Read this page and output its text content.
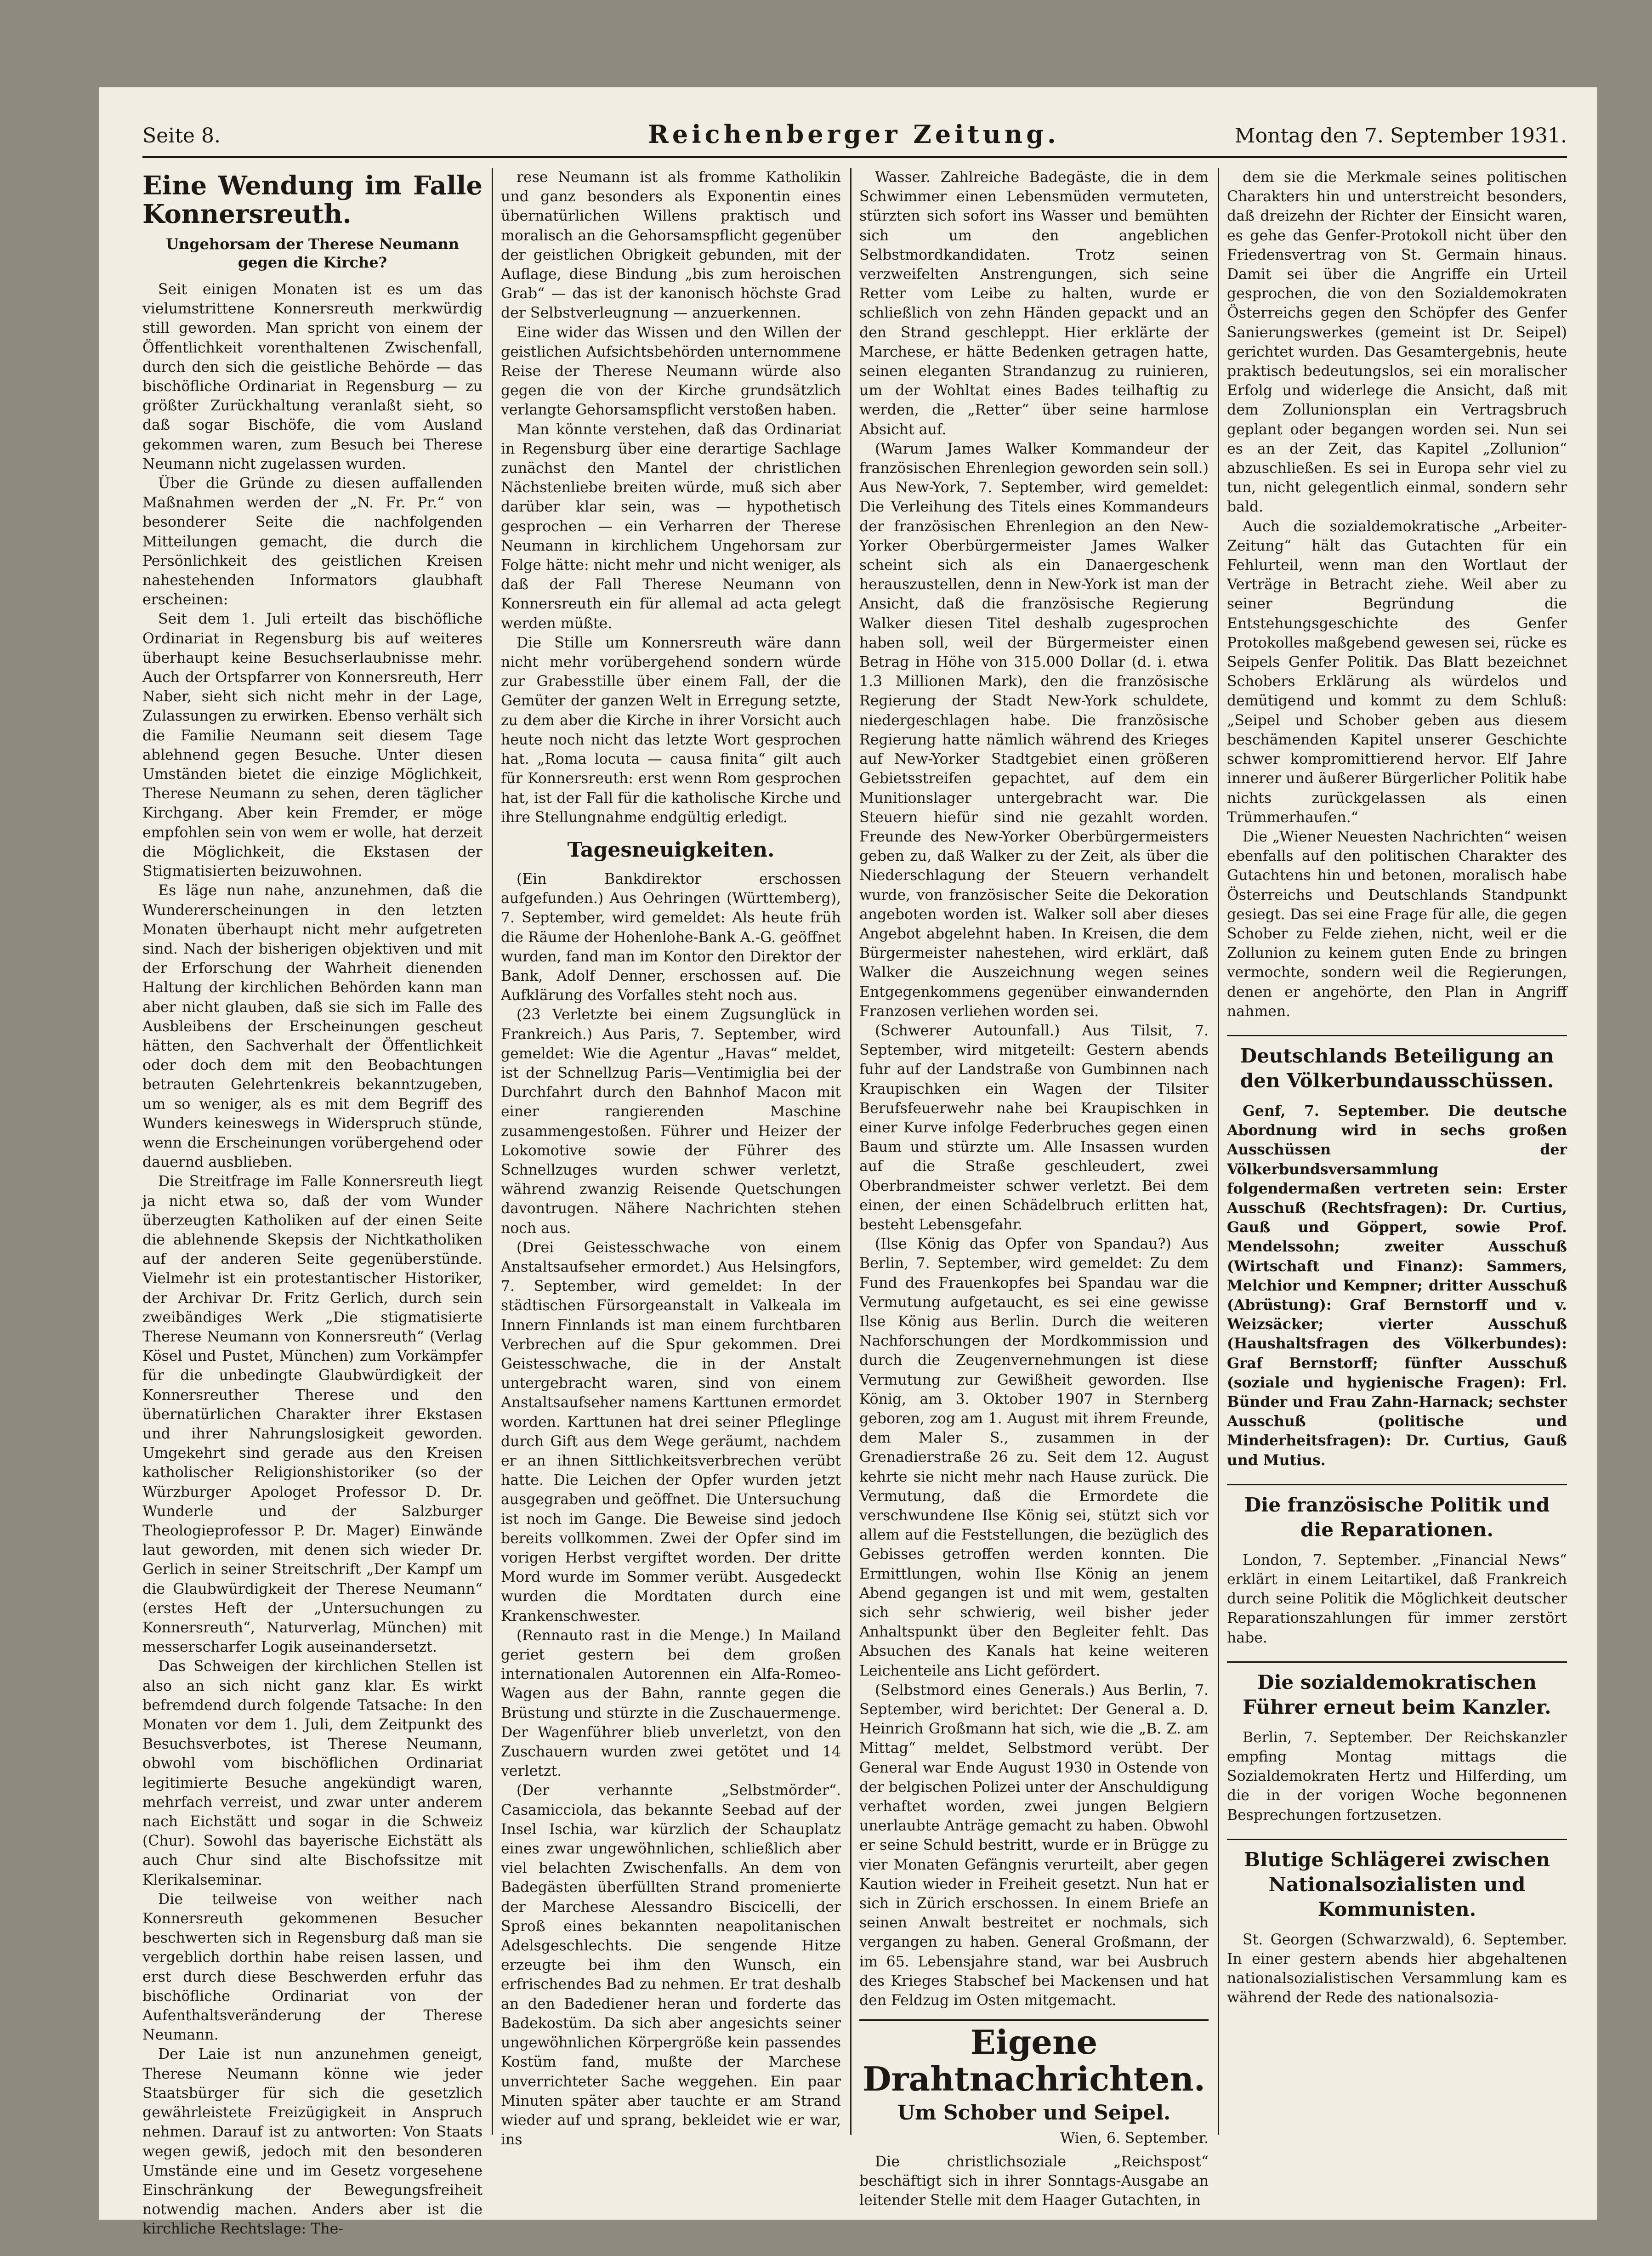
Seite 8.	Reichenberger Zeitung.	Montag den 7. September 1931.
Eine Wendung im Falle Konnersreuth.
Ungehorsam der Therese Neumann gegen die Kirche?

Seit einigen Monaten ist es um das vielumstrittene Konnersreuth merkwürdig still geworden. Man spricht von einem der Öffentlichkeit vorenthaltenen Zwischenfall, durch den sich die geistliche Behörde — das bischöfliche Ordinariat in Regensburg — zu größter Zurückhaltung veranlaßt sieht, so daß sogar Bischöfe, die vom Ausland gekommen waren, zum Besuch bei Therese Neumann nicht zugelassen wurden.

Über die Gründe zu diesen auffallenden Maßnahmen werden der „N. Fr. Pr.“ von besonderer Seite die nachfolgenden Mitteilungen gemacht, die durch die Persönlichkeit des geistlichen Kreisen nahestehenden Informators glaubhaft erscheinen:

Seit dem 1. Juli erteilt das bischöfliche Ordinariat in Regensburg bis auf weiteres überhaupt keine Besuchserlaubnisse mehr. Auch der Ortspfarrer von Konnersreuth, Herr Naber, sieht sich nicht mehr in der Lage, Zulassungen zu erwirken. Ebenso verhält sich die Familie Neumann seit diesem Tage ablehnend gegen Besuche. Unter diesen Umständen bietet die einzige Möglichkeit, Therese Neumann zu sehen, deren täglicher Kirchgang. Aber kein Fremder, er möge empfohlen sein von wem er wolle, hat derzeit die Möglichkeit, die Ekstasen der Stigmatisierten beizuwohnen.

Es läge nun nahe, anzunehmen, daß die Wundererscheinungen in den letzten Monaten überhaupt nicht mehr aufgetreten sind. Nach der bisherigen objektiven und mit der Erforschung der Wahrheit dienenden Haltung der kirchlichen Behörden kann man aber nicht glauben, daß sie sich im Falle des Ausbleibens der Erscheinungen gescheut hätten, den Sachverhalt der Öffentlichkeit oder doch dem mit den Beobachtungen betrauten Gelehrtenkreis bekanntzugeben, um so weniger, als es mit dem Begriff des Wunders keineswegs in Widerspruch stünde, wenn die Erscheinungen vorübergehend oder dauernd ausblieben.

Die Streitfrage im Falle Konnersreuth liegt ja nicht etwa so, daß der vom Wunder überzeugten Katholiken auf der einen Seite die ablehnende Skepsis der Nichtkatholiken auf der anderen Seite gegenüberstünde. Vielmehr ist ein protestantischer Historiker, der Archivar Dr. Fritz Gerlich, durch sein zweibändiges Werk „Die stigmatisierte Therese Neumann von Konnersreuth“ (Verlag Kösel und Pustet, München) zum Vorkämpfer für die unbedingte Glaubwürdigkeit der Konnersreuther Therese und den übernatürlichen Charakter ihrer Ekstasen und ihrer Nahrungslosigkeit geworden. Umgekehrt sind gerade aus den Kreisen katholischer Religionshistoriker (so der Würzburger Apologet Professor D. Dr. Wunderle und der Salzburger Theologieprofessor P. Dr. Mager) Einwände laut geworden, mit denen sich wieder Dr. Gerlich in seiner Streitschrift „Der Kampf um die Glaubwürdigkeit der Therese Neumann“ (erstes Heft der „Untersuchungen zu Konnersreuth“, Naturverlag, München) mit messerscharfer Logik auseinandersetzt.

Das Schweigen der kirchlichen Stellen ist also an sich nicht ganz klar. Es wirkt befremdend durch folgende Tatsache: In den Monaten vor dem 1. Juli, dem Zeitpunkt des Besuchsverbotes, ist Therese Neumann, obwohl vom bischöflichen Ordinariat legitimierte Besuche angekündigt waren, mehrfach verreist, und zwar unter anderem nach Eichstätt und sogar in die Schweiz (Chur). Sowohl das bayerische Eichstätt als auch Chur sind alte Bischofssitze mit Klerikalseminar.

Die teilweise von weither nach Konnersreuth gekommenen Besucher beschwerten sich in Regensburg daß man sie vergeblich dorthin habe reisen lassen, und erst durch diese Beschwerden erfuhr das bischöfliche Ordinariat von der Aufenthaltsveränderung der Therese Neumann.

Der Laie ist nun anzunehmen geneigt, Therese Neumann könne wie jeder Staatsbürger für sich die gesetzlich gewährleistete Freizügigkeit in Anspruch nehmen. Darauf ist zu antworten: Von Staats wegen gewiß, jedoch mit den besonderen Umstände eine und im Gesetz vorgesehene Einschränkung der Bewegungsfreiheit notwendig machen. Anders aber ist die kirchliche Rechtslage: The-

rese Neumann ist als fromme Katholikin und ganz besonders als Exponentin eines übernatürlichen Willens praktisch und moralisch an die Gehorsamspflicht gegenüber der geistlichen Obrigkeit gebunden, mit der Auflage, diese Bindung „bis zum heroischen Grab“ — das ist der kanonisch höchste Grad der Selbstverleugnung — anzuerkennen.

Eine wider das Wissen und den Willen der geistlichen Aufsichtsbehörden unternommene Reise der Therese Neumann würde also gegen die von der Kirche grundsätzlich verlangte Gehorsamspflicht verstoßen haben.

Man könnte verstehen, daß das Ordinariat in Regensburg über eine derartige Sachlage zunächst den Mantel der christlichen Nächstenliebe breiten würde, muß sich aber darüber klar sein, was — hypothetisch gesprochen — ein Verharren der Therese Neumann in kirchlichem Ungehorsam zur Folge hätte: nicht mehr und nicht weniger, als daß der Fall Therese Neumann von Konnersreuth ein für allemal ad acta gelegt werden müßte.

Die Stille um Konnersreuth wäre dann nicht mehr vorübergehend sondern würde zur Grabesstille über einem Fall, der die Gemüter der ganzen Welt in Erregung setzte, zu dem aber die Kirche in ihrer Vorsicht auch heute noch nicht das letzte Wort gesprochen hat. „Roma locuta — causa finita“ gilt auch für Konnersreuth: erst wenn Rom gesprochen hat, ist der Fall für die katholische Kirche und ihre Stellungnahme endgültig erledigt.

Tagesneuigkeiten.

(Ein Bankdirektor erschossen aufgefunden.) Aus Oehringen (Württemberg), 7. September, wird gemeldet: Als heute früh die Räume der Hohenlohe-Bank A.-G. geöffnet wurden, fand man im Kontor den Direktor der Bank, Adolf Denner, erschossen auf. Die Aufklärung des Vorfalles steht noch aus.

(23 Verletzte bei einem Zugsunglück in Frankreich.) Aus Paris, 7. September, wird gemeldet: Wie die Agentur „Havas“ meldet, ist der Schnellzug Paris—Ventimiglia bei der Durchfahrt durch den Bahnhof Macon mit einer rangierenden Maschine zusammengestoßen. Führer und Heizer der Lokomotive sowie der Führer des Schnellzuges wurden schwer verletzt, während zwanzig Reisende Quetschungen davontrugen. Nähere Nachrichten stehen noch aus.

(Drei Geistesschwache von einem Anstaltsaufseher ermordet.) Aus Helsingfors, 7. September, wird gemeldet: In der städtischen Fürsorgeanstalt in Valkeala im Innern Finnlands ist man einem furchtbaren Verbrechen auf die Spur gekommen. Drei Geistesschwache, die in der Anstalt untergebracht waren, sind von einem Anstaltsaufseher namens Karttunen ermordet worden. Karttunen hat drei seiner Pfleglinge durch Gift aus dem Wege geräumt, nachdem er an ihnen Sittlichkeitsverbrechen verübt hatte. Die Leichen der Opfer wurden jetzt ausgegraben und geöffnet. Die Untersuchung ist noch im Gange. Die Beweise sind jedoch bereits vollkommen. Zwei der Opfer sind im vorigen Herbst vergiftet worden. Der dritte Mord wurde im Sommer verübt. Ausgedeckt wurden die Mordtaten durch eine Krankenschwester.

(Rennauto rast in die Menge.) In Mailand geriet gestern bei dem großen internationalen Autorennen ein Alfa-Romeo-Wagen aus der Bahn, rannte gegen die Brüstung und stürzte in die Zuschauermenge. Der Wagenführer blieb unverletzt, von den Zuschauern wurden zwei getötet und 14 verletzt.

(Der verhannte „Selbstmörder“. Casamicciola, das bekannte Seebad auf der Insel Ischia, war kürzlich der Schauplatz eines zwar ungewöhnlichen, schließlich aber viel belachten Zwischenfalls. An dem von Badegästen überfüllten Strand promenierte der Marchese Alessandro Biscicelli, der Sproß eines bekannten neapolitanischen Adelsgeschlechts. Die sengende Hitze erzeugte bei ihm den Wunsch, ein erfrischendes Bad zu nehmen. Er trat deshalb an den Badediener heran und forderte das Badekostüm. Da sich aber angesichts seiner ungewöhnlichen Körpergröße kein passendes Kostüm fand, mußte der Marchese unverrichteter Sache weggehen. Ein paar Minuten später aber tauchte er am Strand wieder auf und sprang, bekleidet wie er war, ins

Wasser. Zahlreiche Badegäste, die in dem Schwimmer einen Lebensmüden vermuteten, stürzten sich sofort ins Wasser und bemühten sich um den angeblichen Selbstmordkandidaten. Trotz seinen verzweifelten Anstrengungen, sich seine Retter vom Leibe zu halten, wurde er schließlich von zehn Händen gepackt und an den Strand geschleppt. Hier erklärte der Marchese, er hätte Bedenken getragen hatte, seinen eleganten Strandanzug zu ruinieren, um der Wohltat eines Bades teilhaftig zu werden, die „Retter“ über seine harmlose Absicht auf.

(Warum James Walker Kommandeur der französischen Ehrenlegion geworden sein soll.) Aus New-York, 7. September, wird gemeldet: Die Verleihung des Titels eines Kommandeurs der französischen Ehrenlegion an den New-Yorker Oberbürgermeister James Walker scheint sich als ein Danaergeschenk herauszustellen, denn in New-York ist man der Ansicht, daß die französische Regierung Walker diesen Titel deshalb zugesprochen haben soll, weil der Bürgermeister einen Betrag in Höhe von 315.000 Dollar (d. i. etwa 1.3 Millionen Mark), den die französische Regierung der Stadt New-York schuldete, niedergeschlagen habe. Die französische Regierung hatte nämlich während des Krieges auf New-Yorker Stadtgebiet einen größeren Gebietsstreifen gepachtet, auf dem ein Munitionslager untergebracht war. Die Steuern hiefür sind nie gezahlt worden. Freunde des New-Yorker Oberbürgermeisters geben zu, daß Walker zu der Zeit, als über die Niederschlagung der Steuern verhandelt wurde, von französischer Seite die Dekoration angeboten worden ist. Walker soll aber dieses Angebot abgelehnt haben. In Kreisen, die dem Bürgermeister nahestehen, wird erklärt, daß Walker die Auszeichnung wegen seines Entgegenkommens gegenüber einwandernden Franzosen verliehen worden sei.

(Schwerer Autounfall.) Aus Tilsit, 7. September, wird mitgeteilt: Gestern abends fuhr auf der Landstraße von Gumbinnen nach Kraupischken ein Wagen der Tilsiter Berufsfeuerwehr nahe bei Kraupischken in einer Kurve infolge Federbruches gegen einen Baum und stürzte um. Alle Insassen wurden auf die Straße geschleudert, zwei Oberbrandmeister schwer verletzt. Bei dem einen, der einen Schädelbruch erlitten hat, besteht Lebensgefahr.

(Ilse König das Opfer von Spandau?) Aus Berlin, 7. September, wird gemeldet: Zu dem Fund des Frauenkopfes bei Spandau war die Vermutung aufgetaucht, es sei eine gewisse Ilse König aus Berlin. Durch die weiteren Nachforschungen der Mordkommission und durch die Zeugenvernehmungen ist diese Vermutung zur Gewißheit geworden. Ilse König, am 3. Oktober 1907 in Sternberg geboren, zog am 1. August mit ihrem Freunde, dem Maler S., zusammen in der Grenadierstraße 26 zu. Seit dem 12. August kehrte sie nicht mehr nach Hause zurück. Die Vermutung, daß die Ermordete die verschwundene Ilse König sei, stützt sich vor allem auf die Feststellungen, die bezüglich des Gebisses getroffen werden konnten. Die Ermittlungen, wohin Ilse König an jenem Abend gegangen ist und mit wem, gestalten sich sehr schwierig, weil bisher jeder Anhaltspunkt über den Begleiter fehlt. Das Absuchen des Kanals hat keine weiteren Leichenteile ans Licht gefördert.

(Selbstmord eines Generals.) Aus Berlin, 7. September, wird berichtet: Der General a. D. Heinrich Großmann hat sich, wie die „B. Z. am Mittag“ meldet, Selbstmord verübt. Der General war Ende August 1930 in Ostende von der belgischen Polizei unter der Anschuldigung verhaftet worden, zwei jungen Belgiern unerlaubte Anträge gemacht zu haben. Obwohl er seine Schuld bestritt, wurde er in Brügge zu vier Monaten Gefängnis verurteilt, aber gegen Kaution wieder in Freiheit gesetzt. Nun hat er sich in Zürich erschossen. In einem Briefe an seinen Anwalt bestreitet er nochmals, sich vergangen zu haben. General Großmann, der im 65. Lebensjahre stand, war bei Ausbruch des Krieges Stabschef bei Mackensen und hat den Feldzug im Osten mitgemacht.

Eigene Drahtnachrichten.
Um Schober und Seipel.
Wien, 6. September.

Die christlichsoziale „Reichspost“ beschäftigt sich in ihrer Sonntags-Ausgabe an leitender Stelle mit dem Haager Gutachten, in

dem sie die Merkmale seines politischen Charakters hin und unterstreicht besonders, daß dreizehn der Richter der Einsicht waren, es gehe das Genfer-Protokoll nicht über den Friedensvertrag von St. Germain hinaus. Damit sei über die Angriffe ein Urteil gesprochen, die von den Sozialdemokraten Österreichs gegen den Schöpfer des Genfer Sanierungswerkes (gemeint ist Dr. Seipel) gerichtet wurden. Das Gesamtergebnis, heute praktisch bedeutungslos, sei ein moralischer Erfolg und widerlege die Ansicht, daß mit dem Zollunionsplan ein Vertragsbruch geplant oder begangen worden sei. Nun sei es an der Zeit, das Kapitel „Zollunion“ abzuschließen. Es sei in Europa sehr viel zu tun, nicht gelegentlich einmal, sondern sehr bald.

Auch die sozialdemokratische „Arbeiter-Zeitung“ hält das Gutachten für ein Fehlurteil, wenn man den Wortlaut der Verträge in Betracht ziehe. Weil aber zu seiner Begründung die Entstehungsgeschichte des Genfer Protokolles maßgebend gewesen sei, rücke es Seipels Genfer Politik. Das Blatt bezeichnet Schobers Erklärung als würdelos und demütigend und kommt zu dem Schluß: „Seipel und Schober geben aus diesem beschämenden Kapitel unserer Geschichte schwer kompromittierend hervor. Elf Jahre innerer und äußerer Bürgerlicher Politik habe nichts zurückgelassen als einen Trümmerhaufen.“

Die „Wiener Neuesten Nachrichten“ weisen ebenfalls auf den politischen Charakter des Gutachtens hin und betonen, moralisch habe Österreichs und Deutschlands Standpunkt gesiegt. Das sei eine Frage für alle, die gegen Schober zu Felde ziehen, nicht, weil er die Zollunion zu keinem guten Ende zu bringen vermochte, sondern weil die Regierungen, denen er angehörte, den Plan in Angriff nahmen.

Deutschlands Beteiligung an den Völkerbundausschüssen.

Genf, 7. September. Die deutsche Abordnung wird in sechs großen Ausschüssen der Völkerbundsversammlung folgendermaßen vertreten sein: Erster Ausschuß (Rechtsfragen): Dr. Curtius, Gauß und Göppert, sowie Prof. Mendelssohn; zweiter Ausschuß (Wirtschaft und Finanz): Sammers, Melchior und Kempner; dritter Ausschuß (Abrüstung): Graf Bernstorff und v. Weizsäcker; vierter Ausschuß (Haushaltsfragen des Völkerbundes): Graf Bernstorff; fünfter Ausschuß (soziale und hygienische Fragen): Frl. Bünder und Frau Zahn-Harnack; sechster Ausschuß (politische und Minderheitsfragen): Dr. Curtius, Gauß und Mutius.

Die französische Politik und die Reparationen.

London, 7. September. „Financial News“ erklärt in einem Leitartikel, daß Frankreich durch seine Politik die Möglichkeit deutscher Reparationszahlungen für immer zerstört habe.

Die sozialdemokratischen Führer erneut beim Kanzler.

Berlin, 7. September. Der Reichskanzler empfing Montag mittags die Sozialdemokraten Hertz und Hilferding, um die in der vorigen Woche begonnenen Besprechungen fortzusetzen.

Blutige Schlägerei zwischen Nationalsozialisten und Kommunisten.

St. Georgen (Schwarzwald), 6. September. In einer gestern abends hier abgehaltenen nationalsozialistischen Versammlung kam es während der Rede des nationalsozia-
